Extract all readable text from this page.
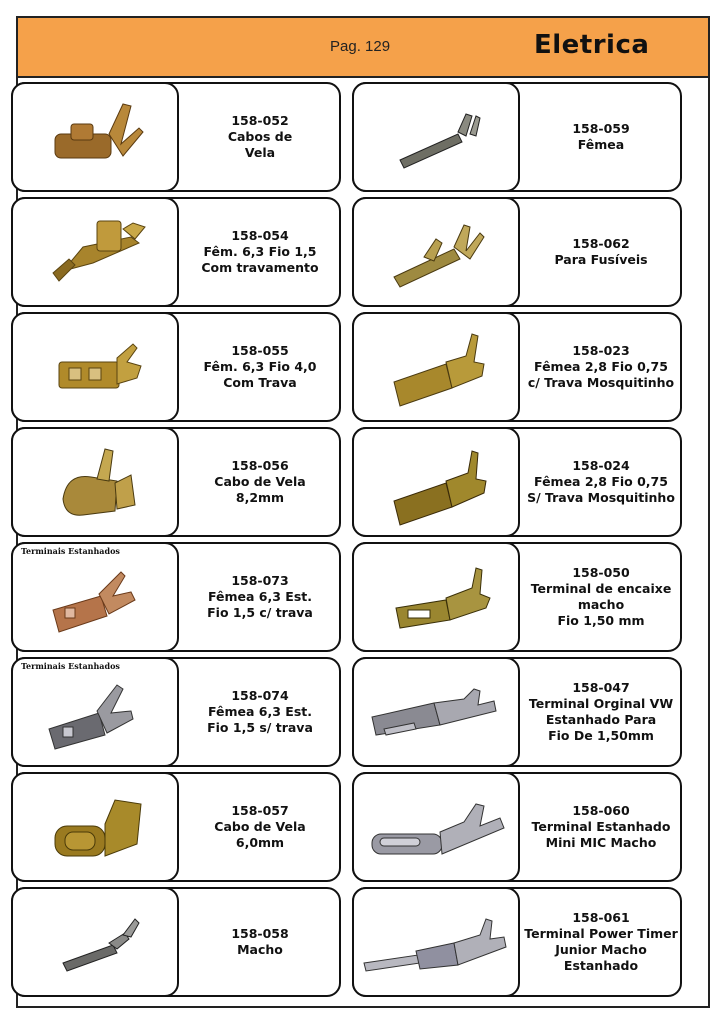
Pag. 129	Eletrica
158-052
Cabos de
Vela
158-054
Fêm. 6,3 Fio 1,5
Com travamento
158-055
Fêm. 6,3 Fio 4,0
Com Trava
158-056
Cabo de Vela
8,2mm
Terminais Estanhados
158-073
Fêmea 6,3 Est.
Fio 1,5 c/ trava
Terminais Estanhados
158-074
Fêmea 6,3 Est.
Fio 1,5 s/ trava
158-057
Cabo de Vela
6,0mm
158-058
Macho
158-059
Fêmea
158-062
Para Fusíveis
158-023
Fêmea 2,8 Fio 0,75
c/ Trava Mosquitinho
158-024
Fêmea 2,8 Fio 0,75
S/ Trava Mosquitinho
158-050
Terminal de encaixe
macho
Fio 1,50 mm
158-047
Terminal Orginal VW
Estanhado Para
Fio De 1,50mm
158-060
Terminal Estanhado
Mini MIC Macho
158-061
Terminal Power Timer
Junior Macho
Estanhado
